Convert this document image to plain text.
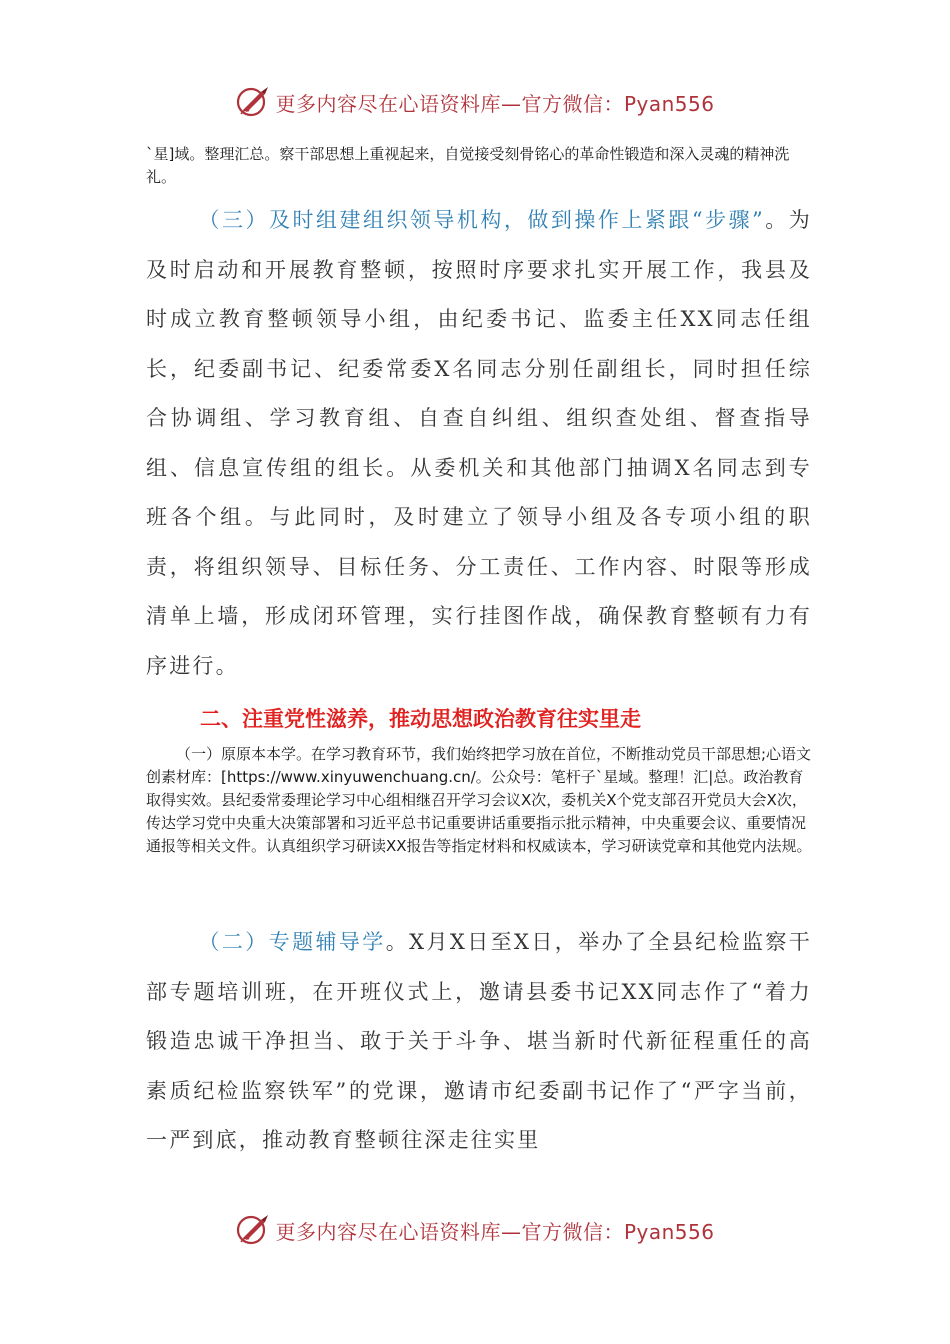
更多内容尽在心语资料库—官方微信：Pyan556

`星]域。整理汇总。察干部思想上重视起来，自觉接受刻骨铭心的革命性锻造和深入灵魂的精神洗礼。

（三）及时组建组织领导机构，做到操作上紧跟“步骤”。为及时启动和开展教育整顿，按照时序要求扎实开展工作，我县及时成立教育整顿领导小组，由纪委书记、监委主任XX同志任组长，纪委副书记、纪委常委X名同志分别任副组长，同时担任综合协调组、学习教育组、自查自纠组、组织查处组、督查指导组、信息宣传组的组长。从委机关和其他部门抽调X名同志到专班各个组。与此同时，及时建立了领导小组及各专项小组的职责，将组织领导、目标任务、分工责任、工作内容、时限等形成清单上墙，形成闭环管理，实行挂图作战，确保教育整顿有力有序进行。

二、注重党性滋养，推动思想政治教育往实里走

（一）原原本本学。在学习教育环节，我们始终把学习放在首位，不断推动党员干部思想;心语文创素材库：[https://www.xinyuwenchuang.cn/。公众号：笔杆子`星域。整理！汇|总。政治教育取得实效。县纪委常委理论学习中心组相继召开学习会议X次，委机关X个党支部召开党员大会X次，传达学习党中央重大决策部署和习近平总书记重要讲话重要指示批示精神，中央重要会议、重要情况通报等相关文件。认真组织学习研读XX报告等指定材料和权威读本，学习研读党章和其他党内法规。

（二）专题辅导学。X月X日至X日，举办了全县纪检监察干部专题培训班，在开班仪式上，邀请县委书记XX同志作了“着力锻造忠诚干净担当、敢于关于斗争、堪当新时代新征程重任的高素质纪检监察铁军”的党课，邀请市纪委副书记作了“严字当前，一严到底，推动教育整顿往深走往实里

更多内容尽在心语资料库—官方微信：Pyan556
